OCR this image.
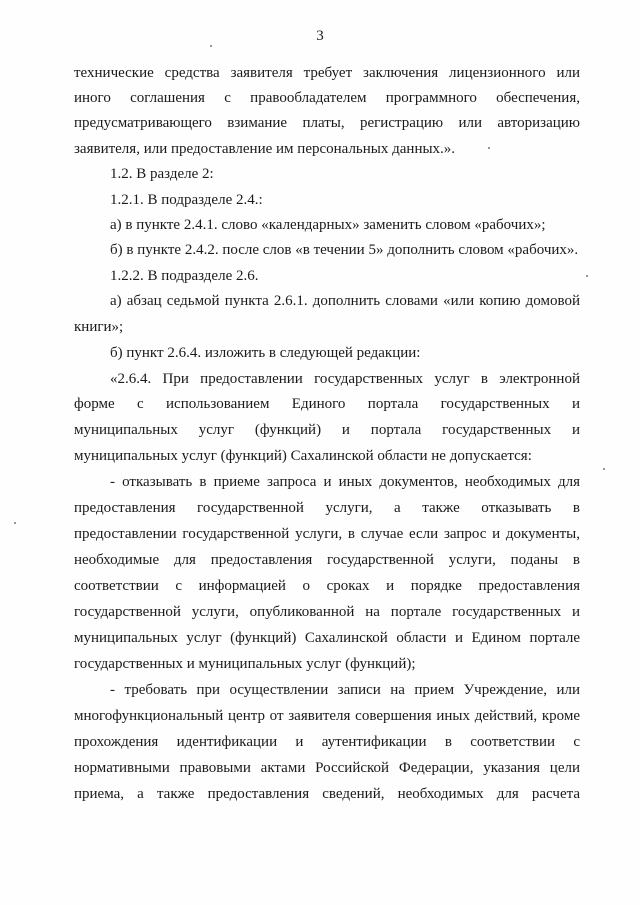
3
технические средства заявителя требует заключения лицензионного или
иного соглашения с правообладателем программного обеспечения,
предусматривающего взимание платы, регистрацию или авторизацию
заявителя, или предоставление им персональных данных.».
1.2. В разделе 2:
1.2.1. В подразделе 2.4.:
а) в пункте 2.4.1. слово «календарных» заменить словом «рабочих»;
б) в пункте 2.4.2. после слов «в течении 5» дополнить словом «рабочих».
1.2.2. В подразделе 2.6.
а) абзац седьмой пункта 2.6.1. дополнить словами «или копию домовой
книги»;
б) пункт 2.6.4. изложить в следующей редакции:
«2.6.4. При предоставлении государственных услуг в электронной
форме с использованием Единого портала государственных и
муниципальных услуг (функций) и портала государственных и
муниципальных услуг (функций) Сахалинской области не допускается:
- отказывать в приеме запроса и иных документов, необходимых для
предоставления государственной услуги, а также отказывать в
предоставлении государственной услуги, в случае если запрос и документы,
необходимые для предоставления государственной услуги, поданы в
соответствии с информацией о сроках и порядке предоставления
государственной услуги, опубликованной на портале государственных и
муниципальных услуг (функций) Сахалинской области и Едином портале
государственных и муниципальных услуг (функций);
- требовать при осуществлении записи на прием Учреждение, или
многофункциональный центр от заявителя совершения иных действий, кроме
прохождения идентификации и аутентификации в соответствии с
нормативными правовыми актами Российской Федерации, указания цели
приема, а также предоставления сведений, необходимых для расчета
